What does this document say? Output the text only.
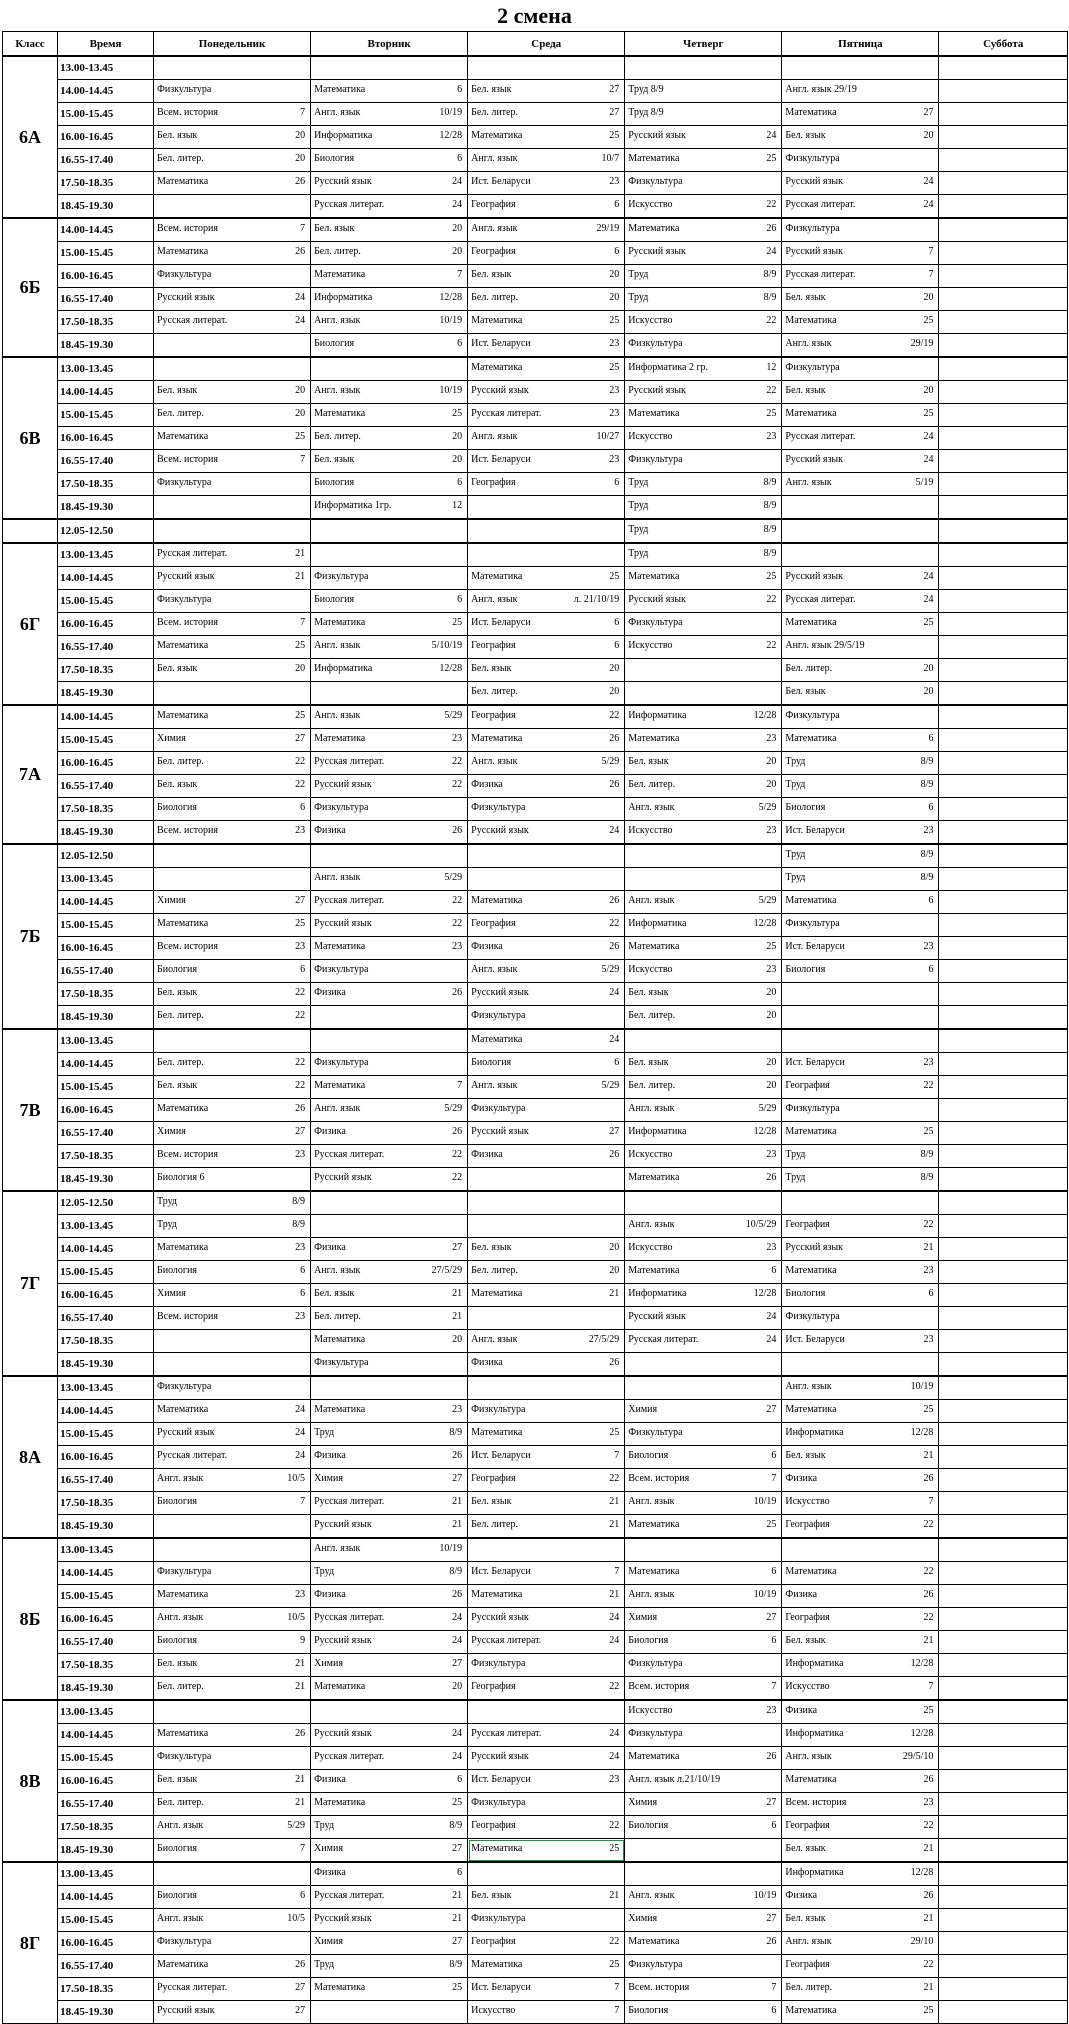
2 смена
Класс	Время	Понедельник	Вторник	Среда	Четверг	Пятница	Суббота
6А	13.00-13.45	

	14.00-14.45	Физкультура	Математика 6	Бел. язык 27	Труд 8/9	Англ. язык 29/19	

	15.00-15.45	Всем. история 7	Англ. язык 10/19	Бел. литер. 27	Труд 8/9	Математика 27	

	16.00-16.45	Бел. язык 20	Информатика 12/28	Математика 25	Русский язык 24	Бел. язык 20	

	16.55-17.40	Бел. литер. 20	Биология 6	Англ. язык 10/7	Математика 25	Физкультура	

	17.50-18.35	Математика 26	Русский язык 24	Ист. Беларуси 23	Физкультура	Русский язык 24	

	18.45-19.30		Русская литерат. 24	География 6	Искусство 22	Русская литерат. 24	

6Б	14.00-14.45	Всем. история 7	Бел. язык 20	Англ. язык 29/19	Математика 26	Физкультура	

	15.00-15.45	Математика 26	Бел. литер. 20	География 6	Русский язык 24	Русский язык 7	

	16.00-16.45	Физкультура	Математика 7	Бел. язык 20	Труд 8/9	Русская литерат. 7	

	16.55-17.40	Русский язык 24	Информатика 12/28	Бел. литер. 20	Труд 8/9	Бел. язык 20	

	17.50-18.35	Русская литерат. 24	Англ. язык 10/19	Математика 25	Искусство 22	Математика 25	

	18.45-19.30		Биология 6	Ист. Беларуси 23	Физкультура	Англ. язык 29/19	

6В	13.00-13.45			Математика 25	Информатика 2 гр. 12	Физкультура	

	14.00-14.45	Бел. язык 20	Англ. язык 10/19	Русский язык 23	Русский язык 22	Бел. язык 20	

	15.00-15.45	Бел. литер. 20	Математика 25	Русская литерат. 23	Математика 25	Математика 25	

	16.00-16.45	Математика 25	Бел. литер. 20	Англ. язык 10/27	Искусство 23	Русская литерат. 24	

	16.55-17.40	Всем. история 7	Бел. язык 20	Ист. Беларуси 23	Физкультура	Русский язык 24	

	17.50-18.35	Физкультура	Биология 6	География 6	Труд 8/9	Англ. язык 5/19	

	18.45-19.30		Информатика 1гр. 12		Труд 8/9		

	12.05-12.50				Труд 8/9		

6Г	13.00-13.45	Русская литерат. 21			Труд 8/9		

	14.00-14.45	Русский язык 21	Физкультура	Математика 25	Математика 25	Русский язык 24	

	15.00-15.45	Физкультура	Биология 6	Англ. язык л. 21/10/19	Русский язык 22	Русская литерат. 24	

	16.00-16.45	Всем. история 7	Математика 25	Ист. Беларуси 6	Физкультура	Математика 25	

	16.55-17.40	Математика 25	Англ. язык 5/10/19	География 6	Искусство 22	Англ. язык 29/5/19	

	17.50-18.35	Бел. язык 20	Информатика 12/28	Бел. язык 20		Бел. литер. 20	

	18.45-19.30			Бел. литер. 20		Бел. язык 20	

7А	14.00-14.45	Математика 25	Англ. язык 5/29	География 22	Информатика 12/28	Физкультура	

	15.00-15.45	Химия 27	Математика 23	Математика 26	Математика 23	Математика 6	

	16.00-16.45	Бел. литер. 22	Русская литерат. 22	Англ. язык 5/29	Бел. язык 20	Труд 8/9	

	16.55-17.40	Бел. язык 22	Русский язык 22	Физика 26	Бел. литер. 20	Труд 8/9	

	17.50-18.35	Биология 6	Физкультура	Физкультура	Англ. язык 5/29	Биология 6	

	18.45-19.30	Всем. история 23	Физика 26	Русский язык 24	Искусство 23	Ист. Беларуси 23	

7Б	12.05-12.50					Труд 8/9	

	13.00-13.45		Англ. язык 5/29			Труд 8/9	

	14.00-14.45	Химия 27	Русская литерат. 22	Математика 26	Англ. язык 5/29	Математика 6	

	15.00-15.45	Математика 25	Русский язык 22	География 22	Информатика 12/28	Физкультура	

	16.00-16.45	Всем. история 23	Математика 23	Физика 26	Математика 25	Ист. Беларуси 23	

	16.55-17.40	Биология 6	Физкультура	Англ. язык 5/29	Искусство 23	Биология 6	

	17.50-18.35	Бел. язык 22	Физика 26	Русский язык 24	Бел. язык 20		

	18.45-19.30	Бел. литер. 22		Физкультура	Бел. литер. 20		

7В	13.00-13.45			Математика 24			

	14.00-14.45	Бел. литер. 22	Физкультура	Биология 6	Бел. язык 20	Ист. Беларуси 23	

	15.00-15.45	Бел. язык 22	Математика 7	Англ. язык 5/29	Бел. литер. 20	География 22	

	16.00-16.45	Математика 26	Англ. язык 5/29	Физкультура	Англ. язык 5/29	Физкультура	

	16.55-17.40	Химия 27	Физика 26	Русский язык 27	Информатика 12/28	Математика 25	

	17.50-18.35	Всем. история 23	Русская литерат. 22	Физика 26	Искусство 23	Труд 8/9	

	18.45-19.30	Биология 6	Русский язык 22		Математика 26	Труд 8/9	

7Г	12.05-12.50	Труд 8/9					

	13.00-13.45	Труд 8/9			Англ. язык 10/5/29	География 22	

	14.00-14.45	Математика 23	Физика 27	Бел. язык 20	Искусство 23	Русский язык 21	

	15.00-15.45	Биология 6	Англ. язык 27/5/29	Бел. литер. 20	Математика 6	Математика 23	

	16.00-16.45	Химия 6	Бел. язык 21	Математика 21	Информатика 12/28	Биология 6	

	16.55-17.40	Всем. история 23	Бел. литер. 21		Русский язык 24	Физкультура	

	17.50-18.35		Математика 20	Англ. язык 27/5/29	Русская литерат. 24	Ист. Беларуси 23	

	18.45-19.30		Физкультура	Физика 26			

8А	13.00-13.45	Физкультура				Англ. язык 10/19	

	14.00-14.45	Математика 24	Математика 23	Физкультура	Химия 27	Математика 25	

	15.00-15.45	Русский язык 24	Труд 8/9	Математика 25	Физкультура	Информатика 12/28	

	16.00-16.45	Русская литерат. 24	Физика 26	Ист. Беларуси 7	Биология 6	Бел. язык 21	

	16.55-17.40	Англ. язык 10/5	Химия 27	География 22	Всем. история 7	Физика 26	

	17.50-18.35	Биология 7	Русская литерат. 21	Бел. язык 21	Англ. язык 10/19	Искусство 7	

	18.45-19.30		Русский язык 21	Бел. литер. 21	Математика 25	География 22	

8Б	13.00-13.45		Англ. язык 10/19				

	14.00-14.45	Физкультура	Труд 8/9	Ист. Беларуси 7	Математика 6	Математика 22	

	15.00-15.45	Математика 23	Физика 26	Математика 21	Англ. язык 10/19	Физика 26	

	16.00-16.45	Англ. язык 10/5	Русская литерат. 24	Русский язык 24	Химия 27	География 22	

	16.55-17.40	Биология 9	Русский язык 24	Русская литерат. 24	Биология 6	Бел. язык 21	

	17.50-18.35	Бел. язык 21	Химия 27	Физкультура	Физкультура	Информатика 12/28	

	18.45-19.30	Бел. литер. 21	Математика 20	География 22	Всем. история 7	Искусство 7	

8В	13.00-13.45				Искусство 23	Физика 25	

	14.00-14.45	Математика 26	Русский язык 24	Русская литерат. 24	Физкультура	Информатика 12/28	

	15.00-15.45	Физкультура	Русская литерат. 24	Русский язык 24	Математика 26	Англ. язык 29/5/10	

	16.00-16.45	Бел. язык 21	Физика 6	Ист. Беларуси 23	Англ. язык л.21/10/19	Математика 26	

	16.55-17.40	Бел. литер. 21	Математика 25	Физкультура	Химия 27	Всем. история 23	

	17.50-18.35	Англ. язык 5/29	Труд 8/9	География 22	Биология 6	География 22	

	18.45-19.30	Биология 7	Химия 27	Математика 25		Бел. язык 21	

8Г	13.00-13.45		Физика 6			Информатика 12/28	

	14.00-14.45	Биология 6	Русская литерат. 21	Бел. язык 21	Англ. язык 10/19	Физика 26	

	15.00-15.45	Англ. язык 10/5	Русский язык 21	Физкультура	Химия 27	Бел. язык 21	

	16.00-16.45	Физкультура	Химия 27	География 22	Математика 26	Англ. язык 29/10	

	16.55-17.40	Математика 26	Труд 8/9	Математика 25	Физкультура	География 22	

	17.50-18.35	Русская литерат. 27	Математика 25	Ист. Беларуси 7	Всем. история 7	Бел. литер. 21	

	18.45-19.30	Русский язык 27		Искусство 7	Биология 6	Математика 25	
